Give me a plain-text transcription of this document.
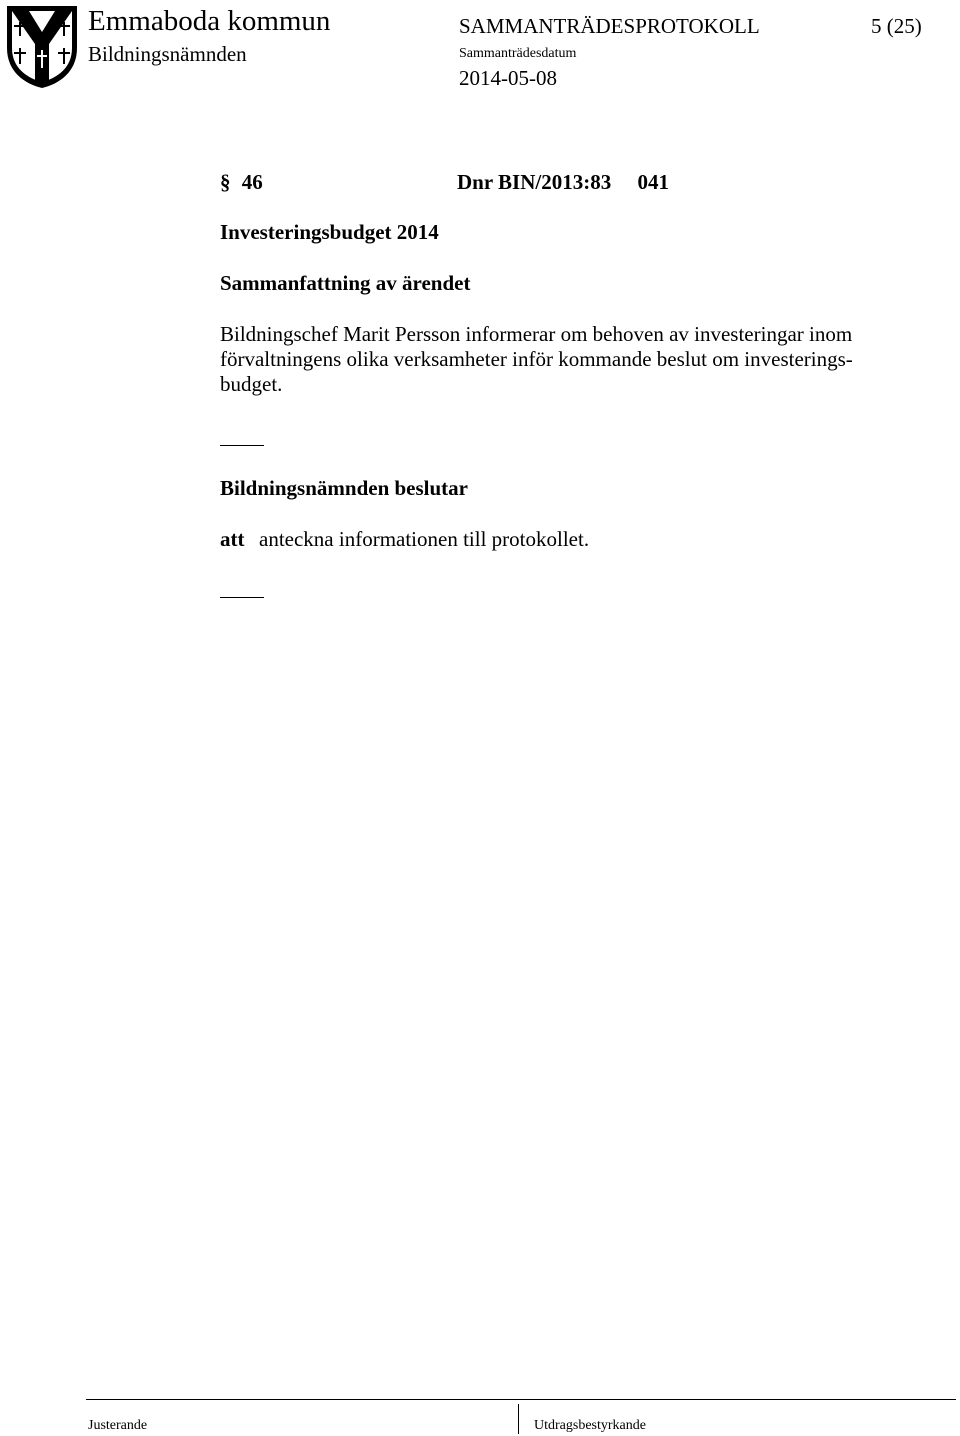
Emmaboda kommun
Bildningsnämnden
SAMMANTRÄDESPROTOKOLL	5 (25)
Sammanträdesdatum
2014-05-08
§ 46	Dnr BIN/2013:83     041
Investeringsbudget 2014
Sammanfattning av ärendet
Bildningschef Marit Persson informerar om behoven av investeringar inom
förvaltningens olika verksamheter inför kommande beslut om investerings-
budget.
Bildningsnämnden beslutar
att anteckna informationen till protokollet.
Justerande	Utdragsbestyrkande
